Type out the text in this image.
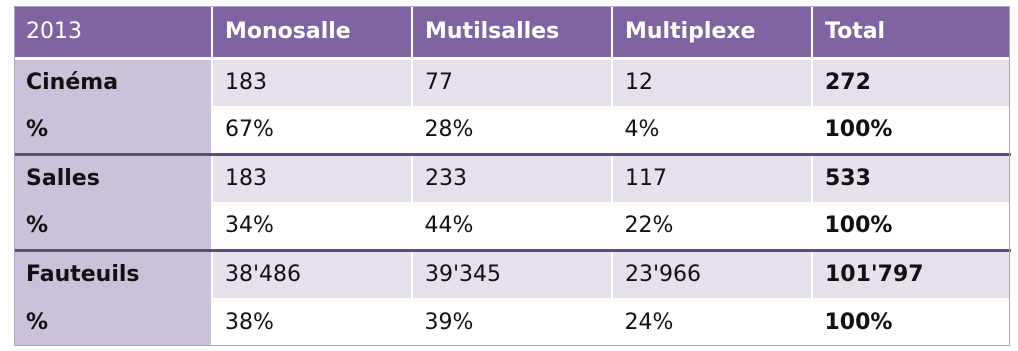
2013	Monosalle	Mutilsalles	Multiplexe	Total
Cinéma	183	77	12	272
%	67%	28%	4%	100%
Salles	183	233	117	533
%	34%	44%	22%	100%
Fauteuils	38'486	39'345	23'966	101'797
%	38%	39%	24%	100%
